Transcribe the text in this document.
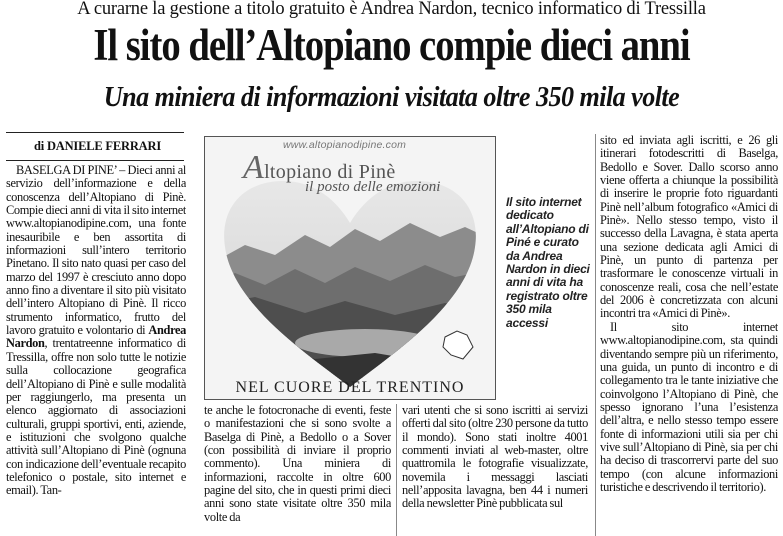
A curarne la gestione a titolo gratuito è Andrea Nardon, tecnico informatico di Tressilla
Il sito dell’Altopiano compie dieci anni
Una miniera di informazioni visitata oltre 350 mila volte
di DANIELE FERRARI

BASELGA DI PINE’ – Dieci anni al servizio dell’informazione e della conoscenza dell’Altopiano di Pinè. Compie dieci anni di vita il sito internet www.altopianodipine.com, una fonte inesauribile e ben assortita di informazioni sull’intero territorio Pinetano. Il sito nato quasi per caso del marzo del 1997 è cresciuto anno dopo anno fino a diventare il sito più visitato dell’intero Altopiano di Pinè. Il ricco strumento informatico, frutto del lavoro gratuito e volontario di Andrea Nardon, trentatreenne informatico di Tressilla, offre non solo tutte le notizie sulla collocazione geografica dell’Altopiano di Pinè e sulle modalità per raggiungerlo, ma presenta un elenco aggiornato di associazioni culturali, gruppi sportivi, enti, aziende, e istituzioni che svolgono qualche attività sull’Altopiano di Pinè (ognuna con indicazione dell’eventuale recapito telefonico o postale, sito internet e email). Tan-

www.altopianodipine.com
Altopiano di Pinè
il posto delle emozioni
NEL CUORE DEL TRENTINO
Il sito internet dedicato all’Altopiano di Piné e curato da Andrea Nardon in dieci anni di vita ha registrato oltre 350 mila accessi

te anche le fotocronache di eventi, feste o manifestazioni che si sono svolte a Baselga di Pinè, a Bedollo o a Sover (con possibilità di inviare il proprio commento). Una miniera di informazioni, raccolte in oltre 600 pagine del sito, che in questi primi dieci anni sono state visitate oltre 350 mila volte da

vari utenti che si sono iscritti ai servizi offerti dal sito (oltre 230 persone da tutto il mondo). Sono stati inoltre 4001 commenti inviati al web-master, oltre quattromila le fotografie visualizzate, novemila i messaggi lasciati nell’apposita lavagna, ben 44 i numeri della newsletter Pinè pubblicata sul

sito ed inviata agli iscritti, e 26 gli itinerari fotodescritti di Baselga, Bedollo e Sover. Dallo scorso anno viene offerta a chiunque la possibilità di inserire le proprie foto riguardanti Pinè nell’album fotografico «Amici di Pinè». Nello stesso tempo, visto il successo della Lavagna, è stata aperta una sezione dedicata agli Amici di Pinè, un punto di partenza per trasformare le conoscenze virtuali in conoscenze reali, cosa che nell’estate del 2006 è concretizzata con alcuni incontri tra «Amici di Pinè».

Il sito internet www.altopianodipine.com, sta quindi diventando sempre più un riferimento, una guida, un punto di incontro e di collegamento tra le tante iniziative che coinvolgono l’Altopiano di Pinè, che spesso ignorano l’una l’esistenza dell’altra, e nello stesso tempo essere fonte di informazioni utili sia per chi vive sull’Altopiano di Pinè, sia per chi ha deciso di trascorrervi parte del suo tempo (con alcune informazioni turistiche e descrivendo il territorio).
